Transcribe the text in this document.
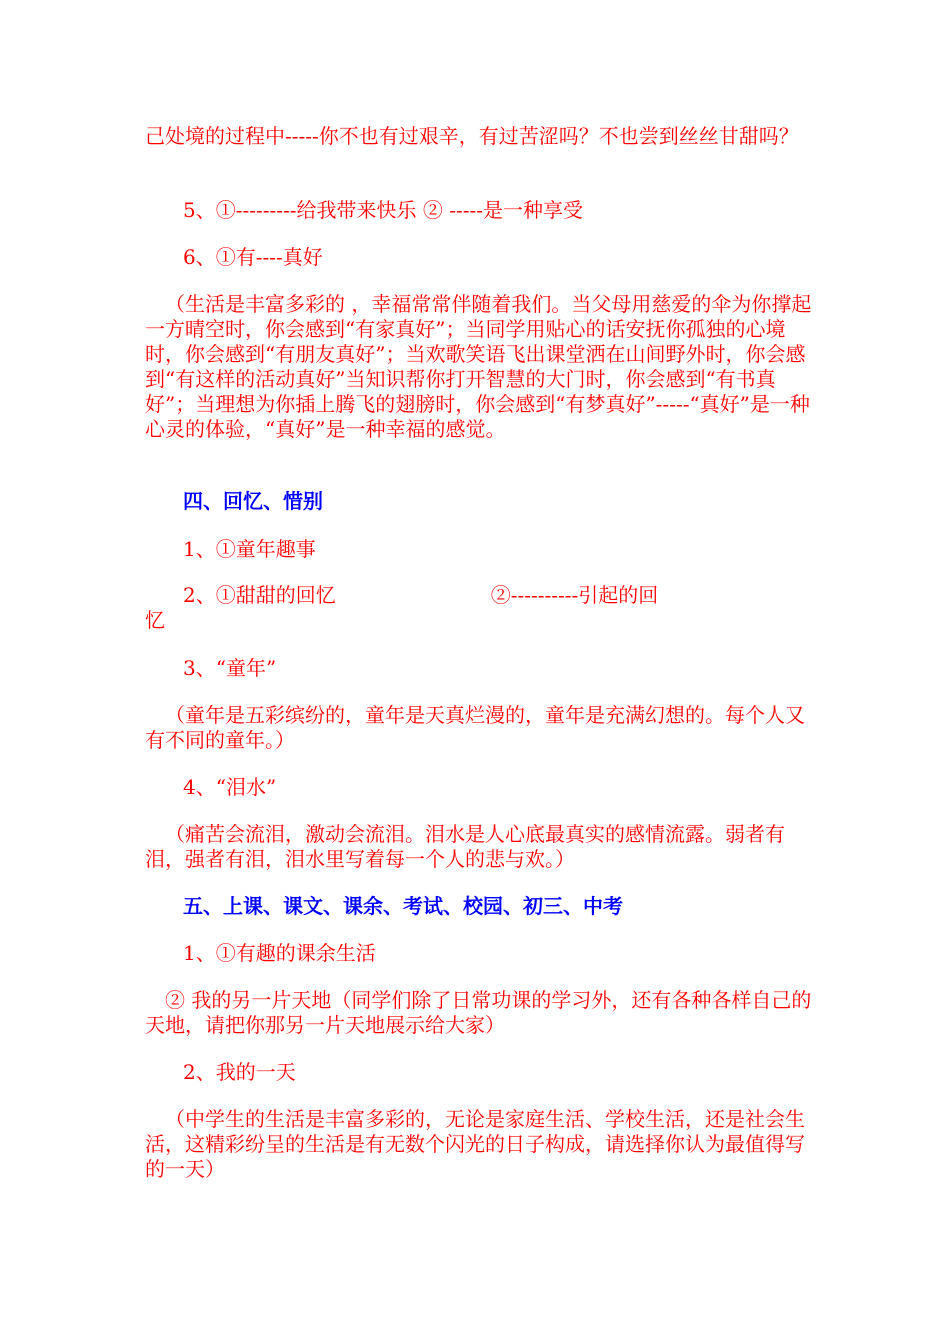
己处境的过程中-----你不也有过艰辛，有过苦涩吗？不也尝到丝丝甘甜吗？

5、①---------给我带来快乐 ② -----是一种享受

6、①有----真好

（生活是丰富多彩的 ，幸福常常伴随着我们。当父母用慈爱的伞为你撑起一方晴空时，你会感到“有家真好”；当同学用贴心的话安抚你孤独的心境时，你会感到“有朋友真好”；当欢歌笑语飞出课堂洒在山间野外时，你会感到“有这样的活动真好”当知识帮你打开智慧的大门时，你会感到“有书真好”；当理想为你插上腾飞的翅膀时，你会感到“有梦真好”-----“真好”是一种心灵的体验，“真好”是一种幸福的感觉。

四、回忆、惜别

1、①童年趣事

2、①甜甜的回忆	②----------引起的回

忆

3、“童年”

（童年是五彩缤纷的，童年是天真烂漫的，童年是充满幻想的。每个人又有不同的童年。）

4、“泪水”

（痛苦会流泪，激动会流泪。泪水是人心底最真实的感情流露。弱者有泪，强者有泪，泪水里写着每一个人的悲与欢。）

五、上课、课文、课余、考试、校园、初三、中考

1、①有趣的课余生活

② 我的另一片天地（同学们除了日常功课的学习外，还有各种各样自己的天地，请把你那另一片天地展示给大家）

2、我的一天

（中学生的生活是丰富多彩的，无论是家庭生活、学校生活，还是社会生活，这精彩纷呈的生活是有无数个闪光的日子构成，请选择你认为最值得写的一天）
